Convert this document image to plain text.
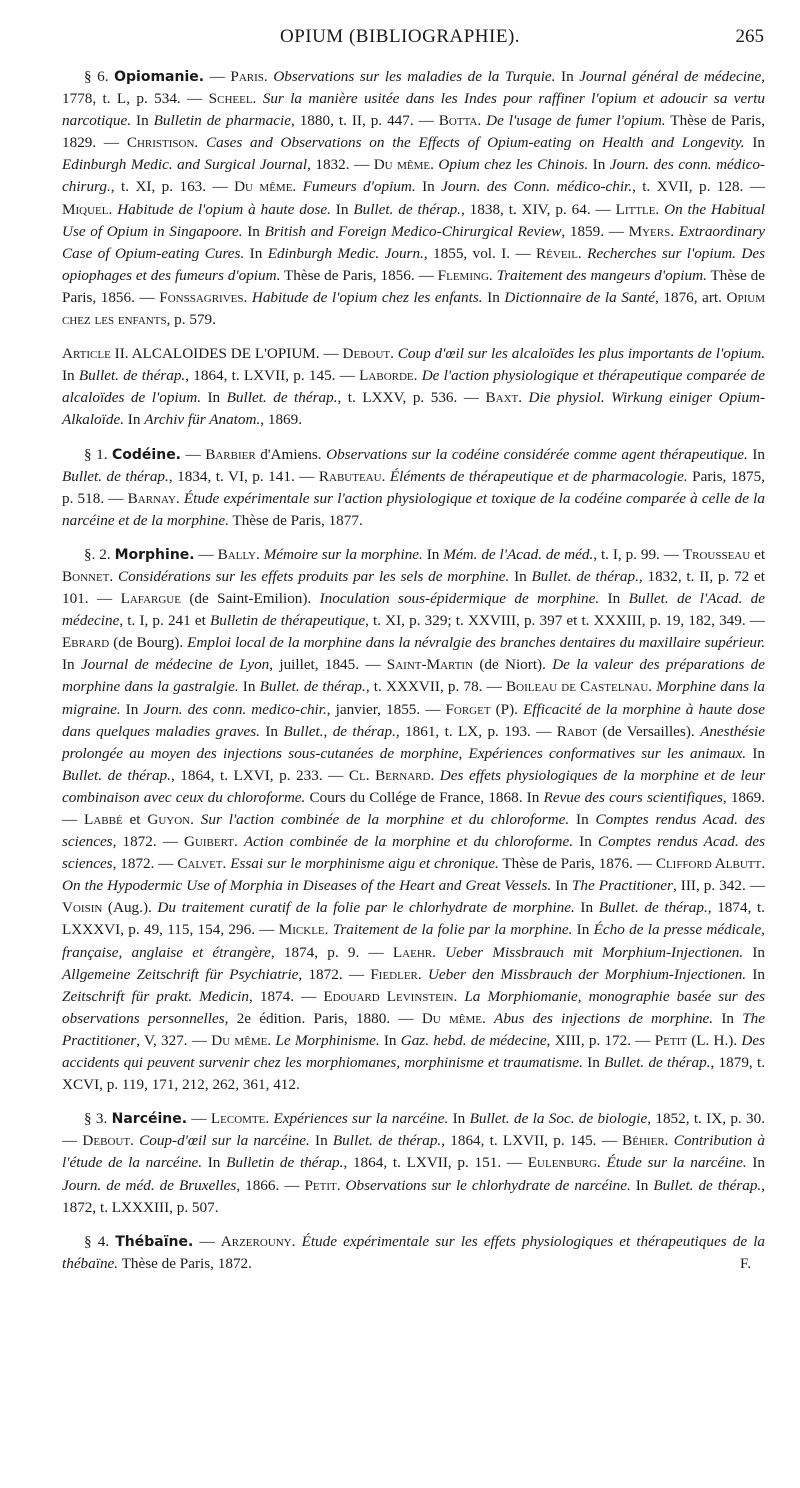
OPIUM (BIBLIOGRAPHIE).	265

§ 6. Opiomanie. — Paris. Observations sur les maladies de la Turquie. In Journal général de médecine, 1778, t. L, p. 534. — Scheel. Sur la manière usitée dans les Indes pour raffiner l'opium et adoucir sa vertu narcotique. In Bulletin de pharmacie, 1880, t. II, p. 447. — Botta. De l'usage de fumer l'opium. Thèse de Paris, 1829. — Christison. Cases and Observations on the Effects of Opium-eating on Health and Longevity. In Edinburgh Medic. and Surgical Journal, 1832. — Du même. Opium chez les Chinois. In Journ. des conn. médico-chirurg., t. XI, p. 163. — Du même. Fumeurs d'opium. In Journ. des Conn. médico-chir., t. XVII, p. 128. — Miquel. Habitude de l'opium à haute dose. In Bullet. de thérap., 1838, t. XIV, p. 64. — Little. On the Habitual Use of Opium in Singapoore. In British and Foreign Medico-Chirurgical Review, 1859. — Myers. Extraordinary Case of Opium-eating Cures. In Edinburgh Medic. Journ., 1855, vol. I. — Réveil. Recherches sur l'opium. Des opiophages et des fumeurs d'opium. Thèse de Paris, 1856. — Fleming. Traitement des mangeurs d'opium. Thèse de Paris, 1856. — Fonssagrives. Habitude de l'opium chez les enfants. In Dictionnaire de la Santé, 1876, art. Opium chez les enfants, p. 579.

Article II. ALCALOIDES DE L'OPIUM. — Debout. Coup d'œil sur les alcaloïdes les plus importants de l'opium. In Bullet. de thérap., 1864, t. LXVII, p. 145. — Laborde. De l'action physiologique et thérapeutique comparée de alcaloïdes de l'opium. In Bullet. de thérap., t. LXXV, p. 536. — Baxt. Die physiol. Wirkung einiger Opium-Alkaloïde. In Archiv für Anatom., 1869.

§ 1. Codéine. — Barbier d'Amiens. Observations sur la codéine considérée comme agent thérapeutique. In Bullet. de thérap., 1834, t. VI, p. 141. — Rabuteau. Éléments de thérapeutique et de pharmacologie. Paris, 1875, p. 518. — Barnay. Étude expérimentale sur l'action physiologique et toxique de la codéine comparée à celle de la narcéine et de la morphine. Thèse de Paris, 1877.

§. 2. Morphine. — Bally. Mémoire sur la morphine. In Mém. de l'Acad. de méd., t. I, p. 99. — Trousseau et Bonnet. Considérations sur les effets produits par les sels de morphine. In Bullet. de thérap., 1832, t. II, p. 72 et 101. — Lafargue (de Saint-Emilion). Inoculation sous-épidermique de morphine. In Bullet. de l'Acad. de médecine, t. I, p. 241 et Bulletin de thérapeutique, t. XI, p. 329; t. XXVIII, p. 397 et t. XXXIII, p. 19, 182, 349. — Ebrard (de Bourg). Emploi local de la morphine dans la névralgie des branches dentaires du maxillaire supérieur. In Journal de médecine de Lyon, juillet, 1845. — Saint-Martin (de Niort). De la valeur des préparations de morphine dans la gastralgie. In Bullet. de thérap., t. XXXVII, p. 78. — Boileau de Castelnau. Morphine dans la migraine. In Journ. des conn. medico-chir., janvier, 1855. — Forget (P). Efficacité de la morphine à haute dose dans quelques maladies graves. In Bullet., de thérap., 1861, t. LX, p. 193. — Rabot (de Versailles). Anesthésie prolongée au moyen des injections sous-cutanées de morphine, Expériences conformatives sur les animaux. In Bullet. de thérap., 1864, t. LXVI, p. 233. — Cl. Bernard. Des effets physiologiques de la morphine et de leur combinaison avec ceux du chloroforme. Cours du Collége de France, 1868. In Revue des cours scientifiques, 1869. — Labbé et Guyon. Sur l'action combinée de la morphine et du chloroforme. In Comptes rendus Acad. des sciences, 1872. — Guibert. Action combinée de la morphine et du chloroforme. In Comptes rendus Acad. des sciences, 1872. — Calvet. Essai sur le morphinisme aigu et chronique. Thèse de Paris, 1876. — Clifford Albutt. On the Hypodermic Use of Morphia in Diseases of the Heart and Great Vessels. In The Practitioner, III, p. 342. — Voisin (Aug.). Du traitement curatif de la folie par le chlorhydrate de morphine. In Bullet. de thérap., 1874, t. LXXXVI, p. 49, 115, 154, 296. — Mickle. Traitement de la folie par la morphine. In Écho de la presse médicale, française, anglaise et étrangère, 1874, p. 9. — Laehr. Ueber Missbrauch mit Morphium-Injectionen. In Allgemeine Zeitschrift für Psychiatrie, 1872. — Fiedler. Ueber den Missbrauch der Morphium-Injectionen. In Zeitschrift für prakt. Medicin, 1874. — Edouard Levinstein. La Morphiomanie, monographie basée sur des observations personnelles, 2e édition. Paris, 1880. — Du même. Abus des injections de morphine. In The Practitioner, V, 327. — Du même. Le Morphinisme. In Gaz. hebd. de médecine, XIII, p. 172. — Petit (L. H.). Des accidents qui peuvent survenir chez les morphiomanes, morphinisme et traumatisme. In Bullet. de thérap., 1879, t. XCVI, p. 119, 171, 212, 262, 361, 412.

§ 3. Narcéine. — Lecomte. Expériences sur la narcéine. In Bullet. de la Soc. de biologie, 1852, t. IX, p. 30. — Debout. Coup-d'œil sur la narcéine. In Bullet. de thérap., 1864, t. LXVII, p. 145. — Béhier. Contribution à l'étude de la narcéine. In Bulletin de thérap., 1864, t. LXVII, p. 151. — Eulenburg. Étude sur la narcéine. In Journ. de méd. de Bruxelles, 1866. — Petit. Observations sur le chlorhydrate de narcéine. In Bullet. de thérap., 1872, t. LXXXIII, p. 507.

§ 4. Thébaïne. — Arzerouny. Étude expérimentale sur les effets physiologiques et thérapeutiques de la thébaïne. Thèse de Paris, 1872.	F.
